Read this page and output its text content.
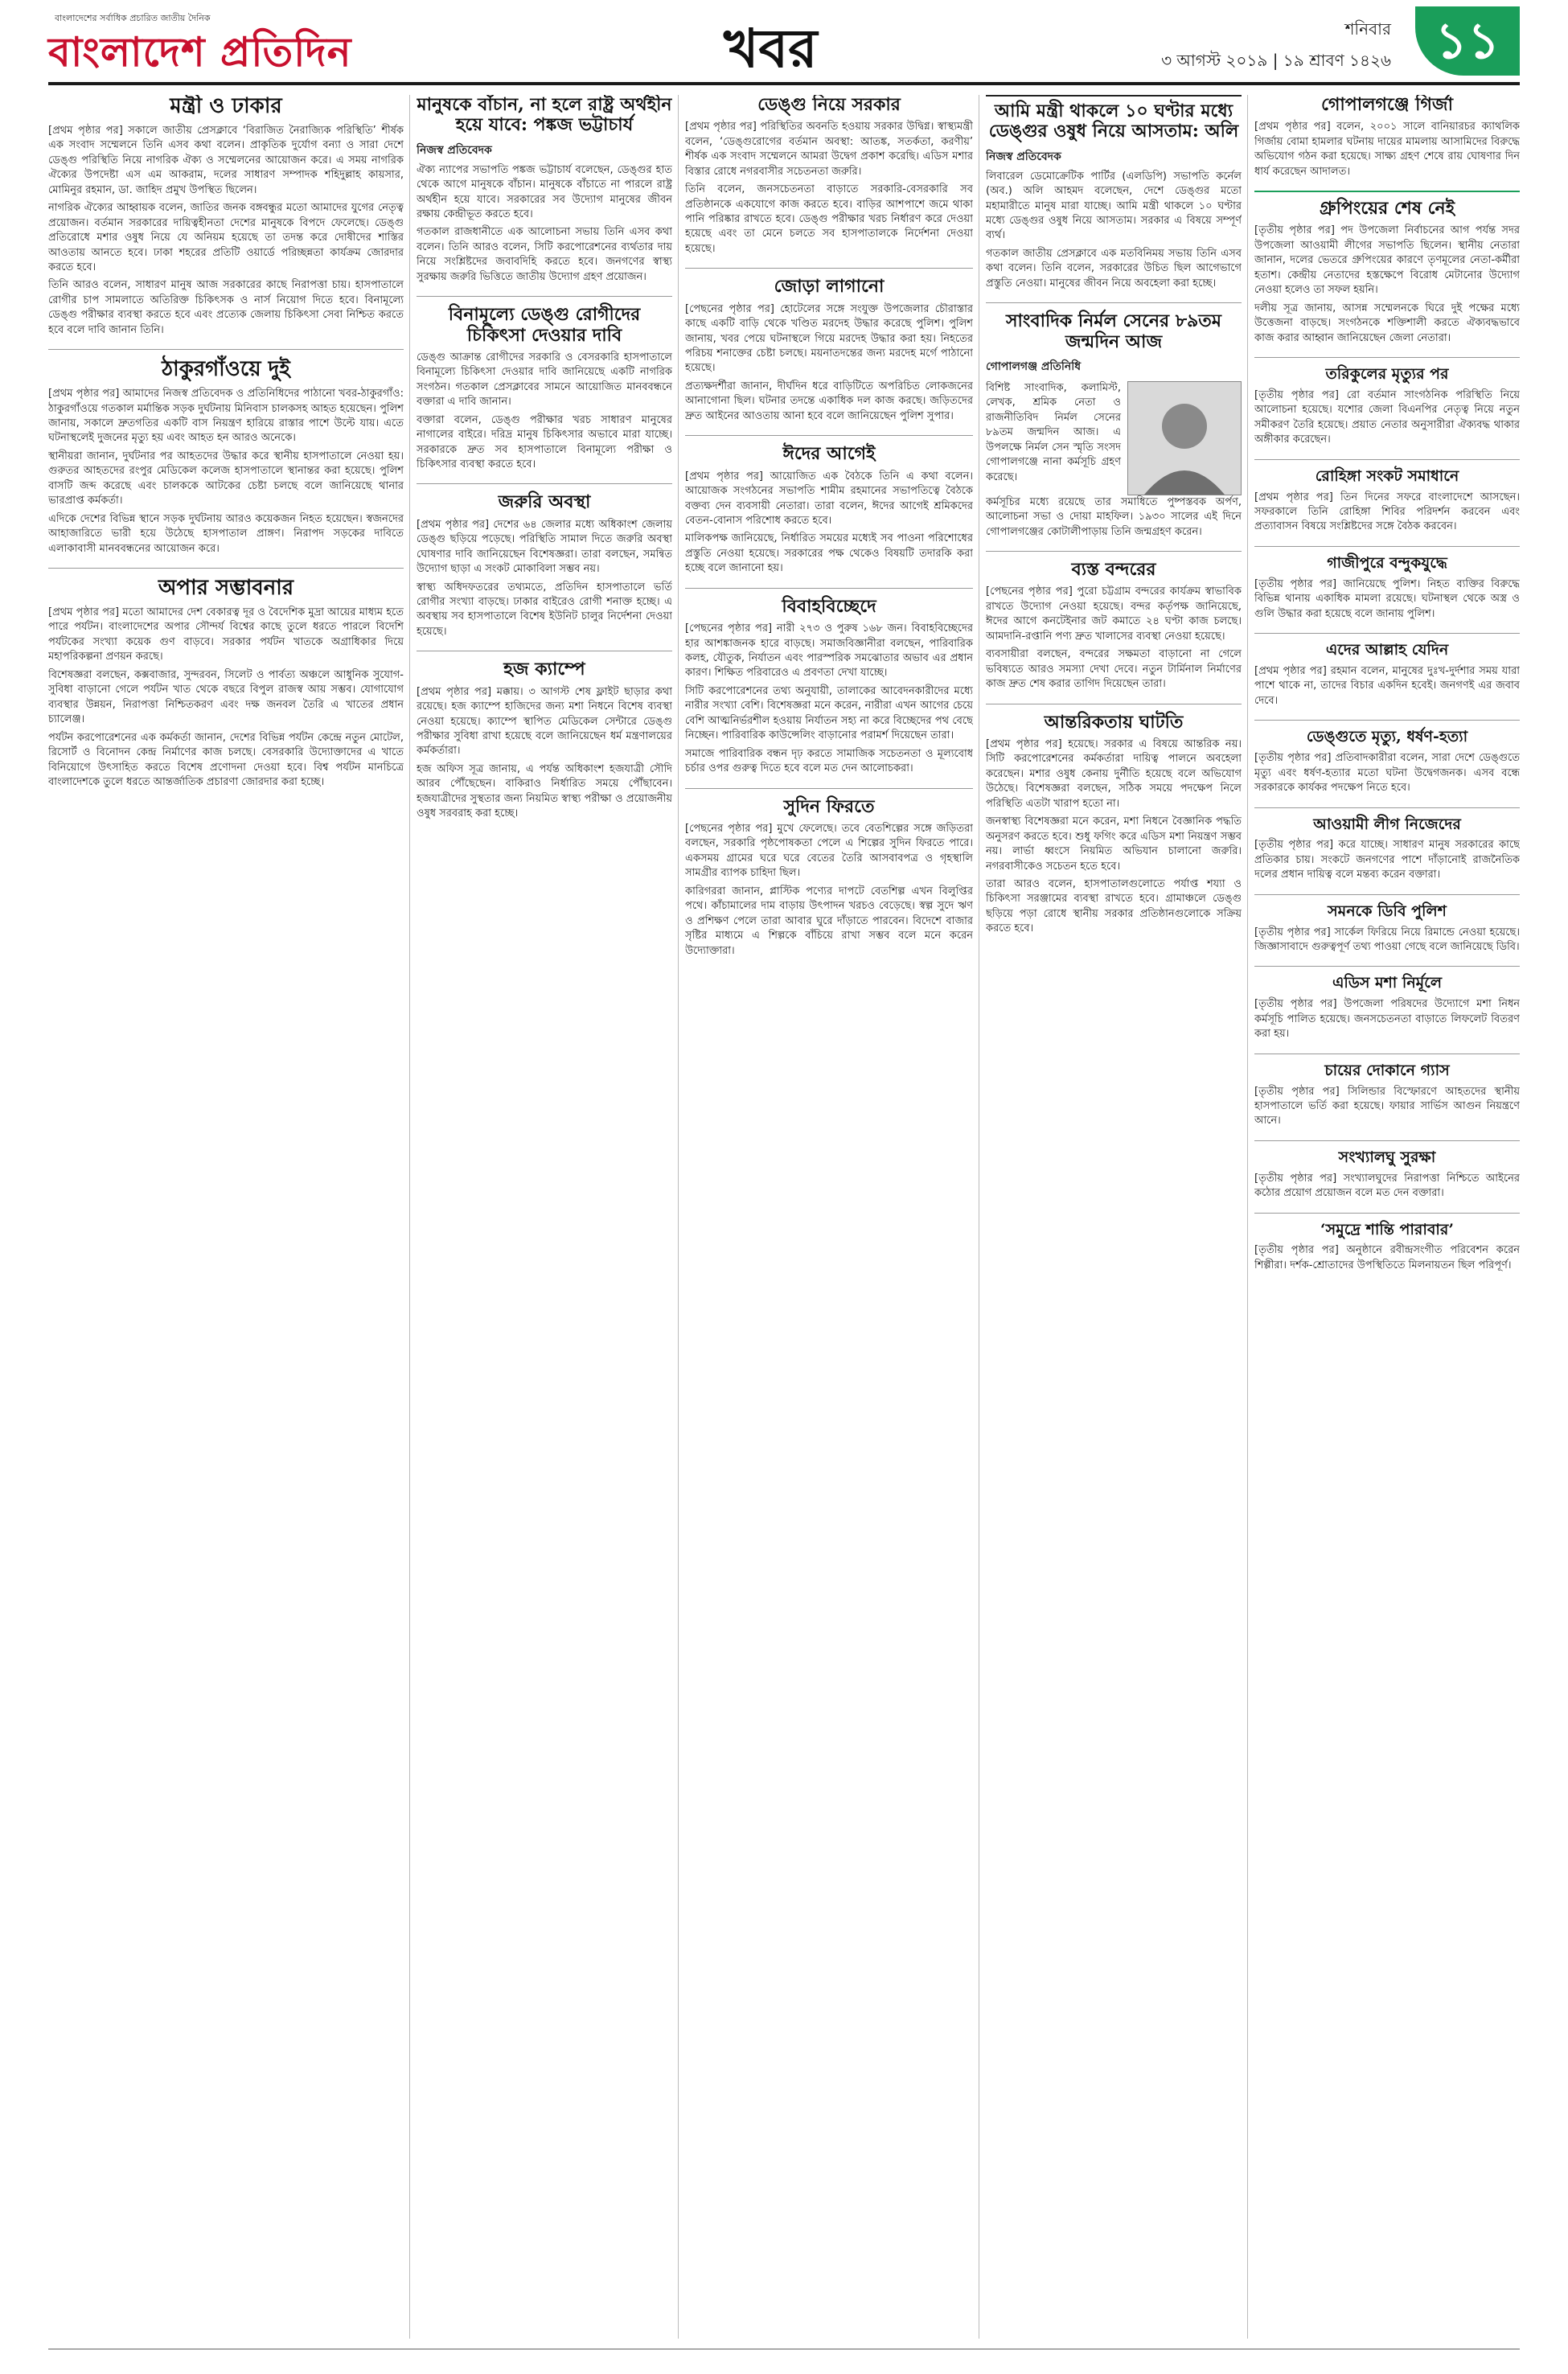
বাংলাদেশের সর্বাধিক প্রচারিত জাতীয় দৈনিক
বাংলাদেশ প্রতিদিন	খবর	শনিবার
৩ আগস্ট ২০১৯ | ১৯ শ্রাবণ ১৪২৬ ১১
মন্ত্রী ও ঢাকার

[প্রথম পৃষ্ঠার পর] সকালে জাতীয় প্রেসক্লাবে ‘বিরাজিত নৈরাজ্যিক পরিস্থিতি’ শীর্ষক এক সংবাদ সম্মেলনে তিনি এসব কথা বলেন। প্রাকৃতিক দুর্যোগ বন্যা ও সারা দেশে ডেঙ্গু পরিস্থিতি নিয়ে নাগরিক ঐক্য ও সম্মেলনের আয়োজন করে। এ সময় নাগরিক ঐক্যের উপদেষ্টা এস এম আকরাম, দলের সাধারণ সম্পাদক শহিদুল্লাহ কায়সার, মোমিনুর রহমান, ডা. জাহিদ প্রমুখ উপস্থিত ছিলেন।

নাগরিক ঐক্যের আহ্বায়ক বলেন, জাতির জনক বঙ্গবন্ধুর মতো আমাদের যুগের নেতৃত্ব প্রয়োজন। বর্তমান সরকারের দায়িত্বহীনতা দেশের মানুষকে বিপদে ফেলেছে। ডেঙ্গু প্রতিরোধে মশার ওষুধ নিয়ে যে অনিয়ম হয়েছে তা তদন্ত করে দোষীদের শাস্তির আওতায় আনতে হবে। ঢাকা শহরের প্রতিটি ওয়ার্ডে পরিচ্ছন্নতা কার্যক্রম জোরদার করতে হবে।

তিনি আরও বলেন, সাধারণ মানুষ আজ সরকারের কাছে নিরাপত্তা চায়। হাসপাতালে রোগীর চাপ সামলাতে অতিরিক্ত চিকিৎসক ও নার্স নিয়োগ দিতে হবে। বিনামূল্যে ডেঙ্গু পরীক্ষার ব্যবস্থা করতে হবে এবং প্রত্যেক জেলায় চিকিৎসা সেবা নিশ্চিত করতে হবে বলে দাবি জানান তিনি।

ঠাকুরগাঁওয়ে দুই

[প্রথম পৃষ্ঠার পর] আমাদের নিজস্ব প্রতিবেদক ও প্রতিনিধিদের পাঠানো খবর-ঠাকুরগাঁও: ঠাকুরগাঁওয়ে গতকাল মর্মান্তিক সড়ক দুর্ঘটনায় মিনিবাস চালকসহ আহত হয়েছেন। পুলিশ জানায়, সকালে দ্রুতগতির একটি বাস নিয়ন্ত্রণ হারিয়ে রাস্তার পাশে উল্টে যায়। এতে ঘটনাস্থলেই দুজনের মৃত্যু হয় এবং আহত হন আরও অনেকে।

স্থানীয়রা জানান, দুর্ঘটনার পর আহতদের উদ্ধার করে স্থানীয় হাসপাতালে নেওয়া হয়। গুরুতর আহতদের রংপুর মেডিকেল কলেজ হাসপাতালে স্থানান্তর করা হয়েছে। পুলিশ বাসটি জব্দ করেছে এবং চালককে আটকের চেষ্টা চলছে বলে জানিয়েছে থানার ভারপ্রাপ্ত কর্মকর্তা।

এদিকে দেশের বিভিন্ন স্থানে সড়ক দুর্ঘটনায় আরও কয়েকজন নিহত হয়েছেন। স্বজনদের আহাজারিতে ভারী হয়ে উঠেছে হাসপাতাল প্রাঙ্গণ। নিরাপদ সড়কের দাবিতে এলাকাবাসী মানববন্ধনের আয়োজন করে।

অপার সম্ভাবনার

[প্রথম পৃষ্ঠার পর] মতো আমাদের দেশ বেকারত্ব দূর ও বৈদেশিক মুদ্রা আয়ের মাধ্যম হতে পারে পর্যটন। বাংলাদেশের অপার সৌন্দর্য বিশ্বের কাছে তুলে ধরতে পারলে বিদেশি পর্যটকের সংখ্যা কয়েক গুণ বাড়বে। সরকার পর্যটন খাতকে অগ্রাধিকার দিয়ে মহাপরিকল্পনা প্রণয়ন করছে।

বিশেষজ্ঞরা বলছেন, কক্সবাজার, সুন্দরবন, সিলেট ও পার্বত্য অঞ্চলে আধুনিক সুযোগ-সুবিধা বাড়ানো গেলে পর্যটন খাত থেকে বছরে বিপুল রাজস্ব আয় সম্ভব। যোগাযোগ ব্যবস্থার উন্নয়ন, নিরাপত্তা নিশ্চিতকরণ এবং দক্ষ জনবল তৈরি এ খাতের প্রধান চ্যালেঞ্জ।

পর্যটন করপোরেশনের এক কর্মকর্তা জানান, দেশের বিভিন্ন পর্যটন কেন্দ্রে নতুন মোটেল, রিসোর্ট ও বিনোদন কেন্দ্র নির্মাণের কাজ চলছে। বেসরকারি উদ্যোক্তাদের এ খাতে বিনিয়োগে উৎসাহিত করতে বিশেষ প্রণোদনা দেওয়া হবে। বিশ্ব পর্যটন মানচিত্রে বাংলাদেশকে তুলে ধরতে আন্তর্জাতিক প্রচারণা জোরদার করা হচ্ছে।

মানুষকে বাঁচান, না হলে রাষ্ট্র অর্থহীন হয়ে যাবে: পঙ্কজ ভট্টাচার্য
নিজস্ব প্রতিবেদক

ঐক্য ন্যাপের সভাপতি পঙ্কজ ভট্টাচার্য বলেছেন, ডেঙ্গুর হাত থেকে আগে মানুষকে বাঁচান। মানুষকে বাঁচাতে না পারলে রাষ্ট্র অর্থহীন হয়ে যাবে। সরকারের সব উদ্যোগ মানুষের জীবন রক্ষায় কেন্দ্রীভূত করতে হবে।

গতকাল রাজধানীতে এক আলোচনা সভায় তিনি এসব কথা বলেন। তিনি আরও বলেন, সিটি করপোরেশনের ব্যর্থতার দায় নিয়ে সংশ্লিষ্টদের জবাবদিহি করতে হবে। জনগণের স্বাস্থ্য সুরক্ষায় জরুরি ভিত্তিতে জাতীয় উদ্যোগ গ্রহণ প্রয়োজন।

বিনামূল্যে ডেঙ্গু রোগীদের চিকিৎসা দেওয়ার দাবি

ডেঙ্গু আক্রান্ত রোগীদের সরকারি ও বেসরকারি হাসপাতালে বিনামূল্যে চিকিৎসা দেওয়ার দাবি জানিয়েছে একটি নাগরিক সংগঠন। গতকাল প্রেসক্লাবের সামনে আয়োজিত মানববন্ধনে বক্তারা এ দাবি জানান।

বক্তারা বলেন, ডেঙ্গু পরীক্ষার খরচ সাধারণ মানুষের নাগালের বাইরে। দরিদ্র মানুষ চিকিৎসার অভাবে মারা যাচ্ছে। সরকারকে দ্রুত সব হাসপাতালে বিনামূল্যে পরীক্ষা ও চিকিৎসার ব্যবস্থা করতে হবে।

জরুরি অবস্থা

[প্রথম পৃষ্ঠার পর] দেশের ৬৪ জেলার মধ্যে অধিকাংশ জেলায় ডেঙ্গু ছড়িয়ে পড়েছে। পরিস্থিতি সামাল দিতে জরুরি অবস্থা ঘোষণার দাবি জানিয়েছেন বিশেষজ্ঞরা। তারা বলছেন, সমন্বিত উদ্যোগ ছাড়া এ সংকট মোকাবিলা সম্ভব নয়।

স্বাস্থ্য অধিদফতরের তথ্যমতে, প্রতিদিন হাসপাতালে ভর্তি রোগীর সংখ্যা বাড়ছে। ঢাকার বাইরেও রোগী শনাক্ত হচ্ছে। এ অবস্থায় সব হাসপাতালে বিশেষ ইউনিট চালুর নির্দেশনা দেওয়া হয়েছে।

হজ ক্যাম্পে

[প্রথম পৃষ্ঠার পর] মক্কায়। ৩ আগস্ট শেষ ফ্লাইট ছাড়ার কথা রয়েছে। হজ ক্যাম্পে হাজিদের জন্য মশা নিধনে বিশেষ ব্যবস্থা নেওয়া হয়েছে। ক্যাম্পে স্থাপিত মেডিকেল সেন্টারে ডেঙ্গু পরীক্ষার সুবিধা রাখা হয়েছে বলে জানিয়েছেন ধর্ম মন্ত্রণালয়ের কর্মকর্তারা।

হজ অফিস সূত্র জানায়, এ পর্যন্ত অধিকাংশ হজযাত্রী সৌদি আরব পৌঁছেছেন। বাকিরাও নির্ধারিত সময়ে পৌঁছাবেন। হজযাত্রীদের সুস্থতার জন্য নিয়মিত স্বাস্থ্য পরীক্ষা ও প্রয়োজনীয় ওষুধ সরবরাহ করা হচ্ছে।

ডেঙ্গু নিয়ে সরকার

[প্রথম পৃষ্ঠার পর] পরিস্থিতির অবনতি হওয়ায় সরকার উদ্বিগ্ন। স্বাস্থ্যমন্ত্রী বলেন, ‘ডেঙ্গুরোগের বর্তমান অবস্থা: আতঙ্ক, সতর্কতা, করণীয়’ শীর্ষক এক সংবাদ সম্মেলনে আমরা উদ্বেগ প্রকাশ করেছি। এডিস মশার বিস্তার রোধে নগরবাসীর সচেতনতা জরুরি।

তিনি বলেন, জনসচেতনতা বাড়াতে সরকারি-বেসরকারি সব প্রতিষ্ঠানকে একযোগে কাজ করতে হবে। বাড়ির আশপাশে জমে থাকা পানি পরিষ্কার রাখতে হবে। ডেঙ্গু পরীক্ষার খরচ নির্ধারণ করে দেওয়া হয়েছে এবং তা মেনে চলতে সব হাসপাতালকে নির্দেশনা দেওয়া হয়েছে।

জোড়া লাগানো

[পেছনের পৃষ্ঠার পর] হোটেলের সঙ্গে সংযুক্ত উপজেলার চৌরাস্তার কাছে একটি বাড়ি থেকে খণ্ডিত মরদেহ উদ্ধার করেছে পুলিশ। পুলিশ জানায়, খবর পেয়ে ঘটনাস্থলে গিয়ে মরদেহ উদ্ধার করা হয়। নিহতের পরিচয় শনাক্তের চেষ্টা চলছে। ময়নাতদন্তের জন্য মরদেহ মর্গে পাঠানো হয়েছে।

প্রত্যক্ষদর্শীরা জানান, দীর্ঘদিন ধরে বাড়িটিতে অপরিচিত লোকজনের আনাগোনা ছিল। ঘটনার তদন্তে একাধিক দল কাজ করছে। জড়িতদের দ্রুত আইনের আওতায় আনা হবে বলে জানিয়েছেন পুলিশ সুপার।

ঈদের আগেই

[প্রথম পৃষ্ঠার পর] আয়োজিত এক বৈঠকে তিনি এ কথা বলেন। আয়োজক সংগঠনের সভাপতি শামীম রহমানের সভাপতিত্বে বৈঠকে বক্তব্য দেন ব্যবসায়ী নেতারা। তারা বলেন, ঈদের আগেই শ্রমিকদের বেতন-বোনাস পরিশোধ করতে হবে।

মালিকপক্ষ জানিয়েছে, নির্ধারিত সময়ের মধ্যেই সব পাওনা পরিশোধের প্রস্তুতি নেওয়া হয়েছে। সরকারের পক্ষ থেকেও বিষয়টি তদারকি করা হচ্ছে বলে জানানো হয়।

বিবাহবিচ্ছেদে

[পেছনের পৃষ্ঠার পর] নারী ২৭৩ ও পুরুষ ১৬৮ জন। বিবাহবিচ্ছেদের হার আশঙ্কাজনক হারে বাড়ছে। সমাজবিজ্ঞানীরা বলছেন, পারিবারিক কলহ, যৌতুক, নির্যাতন এবং পারস্পরিক সমঝোতার অভাব এর প্রধান কারণ। শিক্ষিত পরিবারেও এ প্রবণতা দেখা যাচ্ছে।

সিটি করপোরেশনের তথ্য অনুযায়ী, তালাকের আবেদনকারীদের মধ্যে নারীর সংখ্যা বেশি। বিশেষজ্ঞরা মনে করেন, নারীরা এখন আগের চেয়ে বেশি আত্মনির্ভরশীল হওয়ায় নির্যাতন সহ্য না করে বিচ্ছেদের পথ বেছে নিচ্ছেন। পারিবারিক কাউন্সেলিং বাড়ানোর পরামর্শ দিয়েছেন তারা।

সমাজে পারিবারিক বন্ধন দৃঢ় করতে সামাজিক সচেতনতা ও মূল্যবোধ চর্চার ওপর গুরুত্ব দিতে হবে বলে মত দেন আলোচকরা।

সুদিন ফিরতে

[পেছনের পৃষ্ঠার পর] মুখে ফেলেছে। তবে বেতশিল্পের সঙ্গে জড়িতরা বলছেন, সরকারি পৃষ্ঠপোষকতা পেলে এ শিল্পের সুদিন ফিরতে পারে। একসময় গ্রামের ঘরে ঘরে বেতের তৈরি আসবাবপত্র ও গৃহস্থালি সামগ্রীর ব্যাপক চাহিদা ছিল।

কারিগররা জানান, প্লাস্টিক পণ্যের দাপটে বেতশিল্প এখন বিলুপ্তির পথে। কাঁচামালের দাম বাড়ায় উৎপাদন খরচও বেড়েছে। স্বল্প সুদে ঋণ ও প্রশিক্ষণ পেলে তারা আবার ঘুরে দাঁড়াতে পারবেন। বিদেশে বাজার সৃষ্টির মাধ্যমে এ শিল্পকে বাঁচিয়ে রাখা সম্ভব বলে মনে করেন উদ্যোক্তারা।

আমি মন্ত্রী থাকলে ১০ ঘণ্টার মধ্যে ডেঙ্গুর ওষুধ নিয়ে আসতাম: অলি
নিজস্ব প্রতিবেদক

লিবারেল ডেমোক্রেটিক পার্টির (এলডিপি) সভাপতি কর্নেল (অব.) অলি আহমদ বলেছেন, দেশে ডেঙ্গুর মতো মহামারীতে মানুষ মারা যাচ্ছে। আমি মন্ত্রী থাকলে ১০ ঘণ্টার মধ্যে ডেঙ্গুর ওষুধ নিয়ে আসতাম। সরকার এ বিষয়ে সম্পূর্ণ ব্যর্থ।

গতকাল জাতীয় প্রেসক্লাবে এক মতবিনিময় সভায় তিনি এসব কথা বলেন। তিনি বলেন, সরকারের উচিত ছিল আগেভাগে প্রস্তুতি নেওয়া। মানুষের জীবন নিয়ে অবহেলা করা হচ্ছে।

সাংবাদিক নির্মল সেনের ৮৯তম জন্মদিন আজ
গোপালগঞ্জ প্রতিনিধি

বিশিষ্ট সাংবাদিক, কলামিস্ট, লেখক, শ্রমিক নেতা ও রাজনীতিবিদ নির্মল সেনের ৮৯তম জন্মদিন আজ। এ উপলক্ষে নির্মল সেন স্মৃতি সংসদ গোপালগঞ্জে নানা কর্মসূচি গ্রহণ করেছে।

কর্মসূচির মধ্যে রয়েছে তার সমাধিতে পুষ্পস্তবক অর্পণ, আলোচনা সভা ও দোয়া মাহফিল। ১৯৩০ সালের এই দিনে গোপালগঞ্জের কোটালীপাড়ায় তিনি জন্মগ্রহণ করেন।

ব্যস্ত বন্দরের

[পেছনের পৃষ্ঠার পর] পুরো চট্টগ্রাম বন্দরের কার্যক্রম স্বাভাবিক রাখতে উদ্যোগ নেওয়া হয়েছে। বন্দর কর্তৃপক্ষ জানিয়েছে, ঈদের আগে কনটেইনার জট কমাতে ২৪ ঘণ্টা কাজ চলছে। আমদানি-রপ্তানি পণ্য দ্রুত খালাসের ব্যবস্থা নেওয়া হয়েছে।

ব্যবসায়ীরা বলছেন, বন্দরের সক্ষমতা বাড়ানো না গেলে ভবিষ্যতে আরও সমস্যা দেখা দেবে। নতুন টার্মিনাল নির্মাণের কাজ দ্রুত শেষ করার তাগিদ দিয়েছেন তারা।

আন্তরিকতায় ঘাটতি

[প্রথম পৃষ্ঠার পর] হয়েছে। সরকার এ বিষয়ে আন্তরিক নয়। সিটি করপোরেশনের কর্মকর্তারা দায়িত্ব পালনে অবহেলা করেছেন। মশার ওষুধ কেনায় দুর্নীতি হয়েছে বলে অভিযোগ উঠেছে। বিশেষজ্ঞরা বলছেন, সঠিক সময়ে পদক্ষেপ নিলে পরিস্থিতি এতটা খারাপ হতো না।

জনস্বাস্থ্য বিশেষজ্ঞরা মনে করেন, মশা নিধনে বৈজ্ঞানিক পদ্ধতি অনুসরণ করতে হবে। শুধু ফগিং করে এডিস মশা নিয়ন্ত্রণ সম্ভব নয়। লার্ভা ধ্বংসে নিয়মিত অভিযান চালানো জরুরি। নগরবাসীকেও সচেতন হতে হবে।

তারা আরও বলেন, হাসপাতালগুলোতে পর্যাপ্ত শয্যা ও চিকিৎসা সরঞ্জামের ব্যবস্থা রাখতে হবে। গ্রামাঞ্চলে ডেঙ্গু ছড়িয়ে পড়া রোধে স্থানীয় সরকার প্রতিষ্ঠানগুলোকে সক্রিয় করতে হবে।

গোপালগঞ্জে গির্জা

[প্রথম পৃষ্ঠার পর] বলেন, ২০০১ সালে বানিয়ারচর ক্যাথলিক গির্জায় বোমা হামলার ঘটনায় দায়ের মামলায় আসামিদের বিরুদ্ধে অভিযোগ গঠন করা হয়েছে। সাক্ষ্য গ্রহণ শেষে রায় ঘোষণার দিন ধার্য করেছেন আদালত।

গ্রুপিংয়ের শেষ নেই

[তৃতীয় পৃষ্ঠার পর] পদ উপজেলা নির্বাচনের আগ পর্যন্ত সদর উপজেলা আওয়ামী লীগের সভাপতি ছিলেন। স্থানীয় নেতারা জানান, দলের ভেতরে গ্রুপিংয়ের কারণে তৃণমূলের নেতা-কর্মীরা হতাশ। কেন্দ্রীয় নেতাদের হস্তক্ষেপে বিরোধ মেটানোর উদ্যোগ নেওয়া হলেও তা সফল হয়নি।

দলীয় সূত্র জানায়, আসন্ন সম্মেলনকে ঘিরে দুই পক্ষের মধ্যে উত্তেজনা বাড়ছে। সংগঠনকে শক্তিশালী করতে ঐক্যবদ্ধভাবে কাজ করার আহ্বান জানিয়েছেন জেলা নেতারা।

তরিকুলের মৃত্যুর পর

[তৃতীয় পৃষ্ঠার পর] রো বর্তমান সাংগঠনিক পরিস্থিতি নিয়ে আলোচনা হয়েছে। যশোর জেলা বিএনপির নেতৃত্ব নিয়ে নতুন সমীকরণ তৈরি হয়েছে। প্রয়াত নেতার অনুসারীরা ঐক্যবদ্ধ থাকার অঙ্গীকার করেছেন।

রোহিঙ্গা সংকট সমাধানে

[প্রথম পৃষ্ঠার পর] তিন দিনের সফরে বাংলাদেশে আসছেন। সফরকালে তিনি রোহিঙ্গা শিবির পরিদর্শন করবেন এবং প্রত্যাবাসন বিষয়ে সংশ্লিষ্টদের সঙ্গে বৈঠক করবেন।

গাজীপুরে বন্দুকযুদ্ধে

[তৃতীয় পৃষ্ঠার পর] জানিয়েছে পুলিশ। নিহত ব্যক্তির বিরুদ্ধে বিভিন্ন থানায় একাধিক মামলা রয়েছে। ঘটনাস্থল থেকে অস্ত্র ও গুলি উদ্ধার করা হয়েছে বলে জানায় পুলিশ।

এদের আল্লাহ যেদিন

[প্রথম পৃষ্ঠার পর] রহমান বলেন, মানুষের দুঃখ-দুর্দশার সময় যারা পাশে থাকে না, তাদের বিচার একদিন হবেই। জনগণই এর জবাব দেবে।

ডেঙ্গুতে মৃত্যু, ধর্ষণ-হত্যা

[তৃতীয় পৃষ্ঠার পর] প্রতিবাদকারীরা বলেন, সারা দেশে ডেঙ্গুতে মৃত্যু এবং ধর্ষণ-হত্যার মতো ঘটনা উদ্বেগজনক। এসব বন্ধে সরকারকে কার্যকর পদক্ষেপ নিতে হবে।

আওয়ামী লীগ নিজেদের

[তৃতীয় পৃষ্ঠার পর] করে যাচ্ছে। সাধারণ মানুষ সরকারের কাছে প্রতিকার চায়। সংকটে জনগণের পাশে দাঁড়ানোই রাজনৈতিক দলের প্রধান দায়িত্ব বলে মন্তব্য করেন বক্তারা।

সমনকে ডিবি পুলিশ

[তৃতীয় পৃষ্ঠার পর] সার্কেল ফিরিয়ে নিয়ে রিমান্ডে নেওয়া হয়েছে। জিজ্ঞাসাবাদে গুরুত্বপূর্ণ তথ্য পাওয়া গেছে বলে জানিয়েছে ডিবি।

এডিস মশা নির্মূলে

[তৃতীয় পৃষ্ঠার পর] উপজেলা পরিষদের উদ্যোগে মশা নিধন কর্মসূচি পালিত হয়েছে। জনসচেতনতা বাড়াতে লিফলেট বিতরণ করা হয়।

চায়ের দোকানে গ্যাস

[তৃতীয় পৃষ্ঠার পর] সিলিন্ডার বিস্ফোরণে আহতদের স্থানীয় হাসপাতালে ভর্তি করা হয়েছে। ফায়ার সার্ভিস আগুন নিয়ন্ত্রণে আনে।

সংখ্যালঘু সুরক্ষা

[তৃতীয় পৃষ্ঠার পর] সংখ্যালঘুদের নিরাপত্তা নিশ্চিতে আইনের কঠোর প্রয়োগ প্রয়োজন বলে মত দেন বক্তারা।

‘সমুদ্রে শান্তি পারাবার’

[তৃতীয় পৃষ্ঠার পর] অনুষ্ঠানে রবীন্দ্রসংগীত পরিবেশন করেন শিল্পীরা। দর্শক-শ্রোতাদের উপস্থিতিতে মিলনায়তন ছিল পরিপূর্ণ।
